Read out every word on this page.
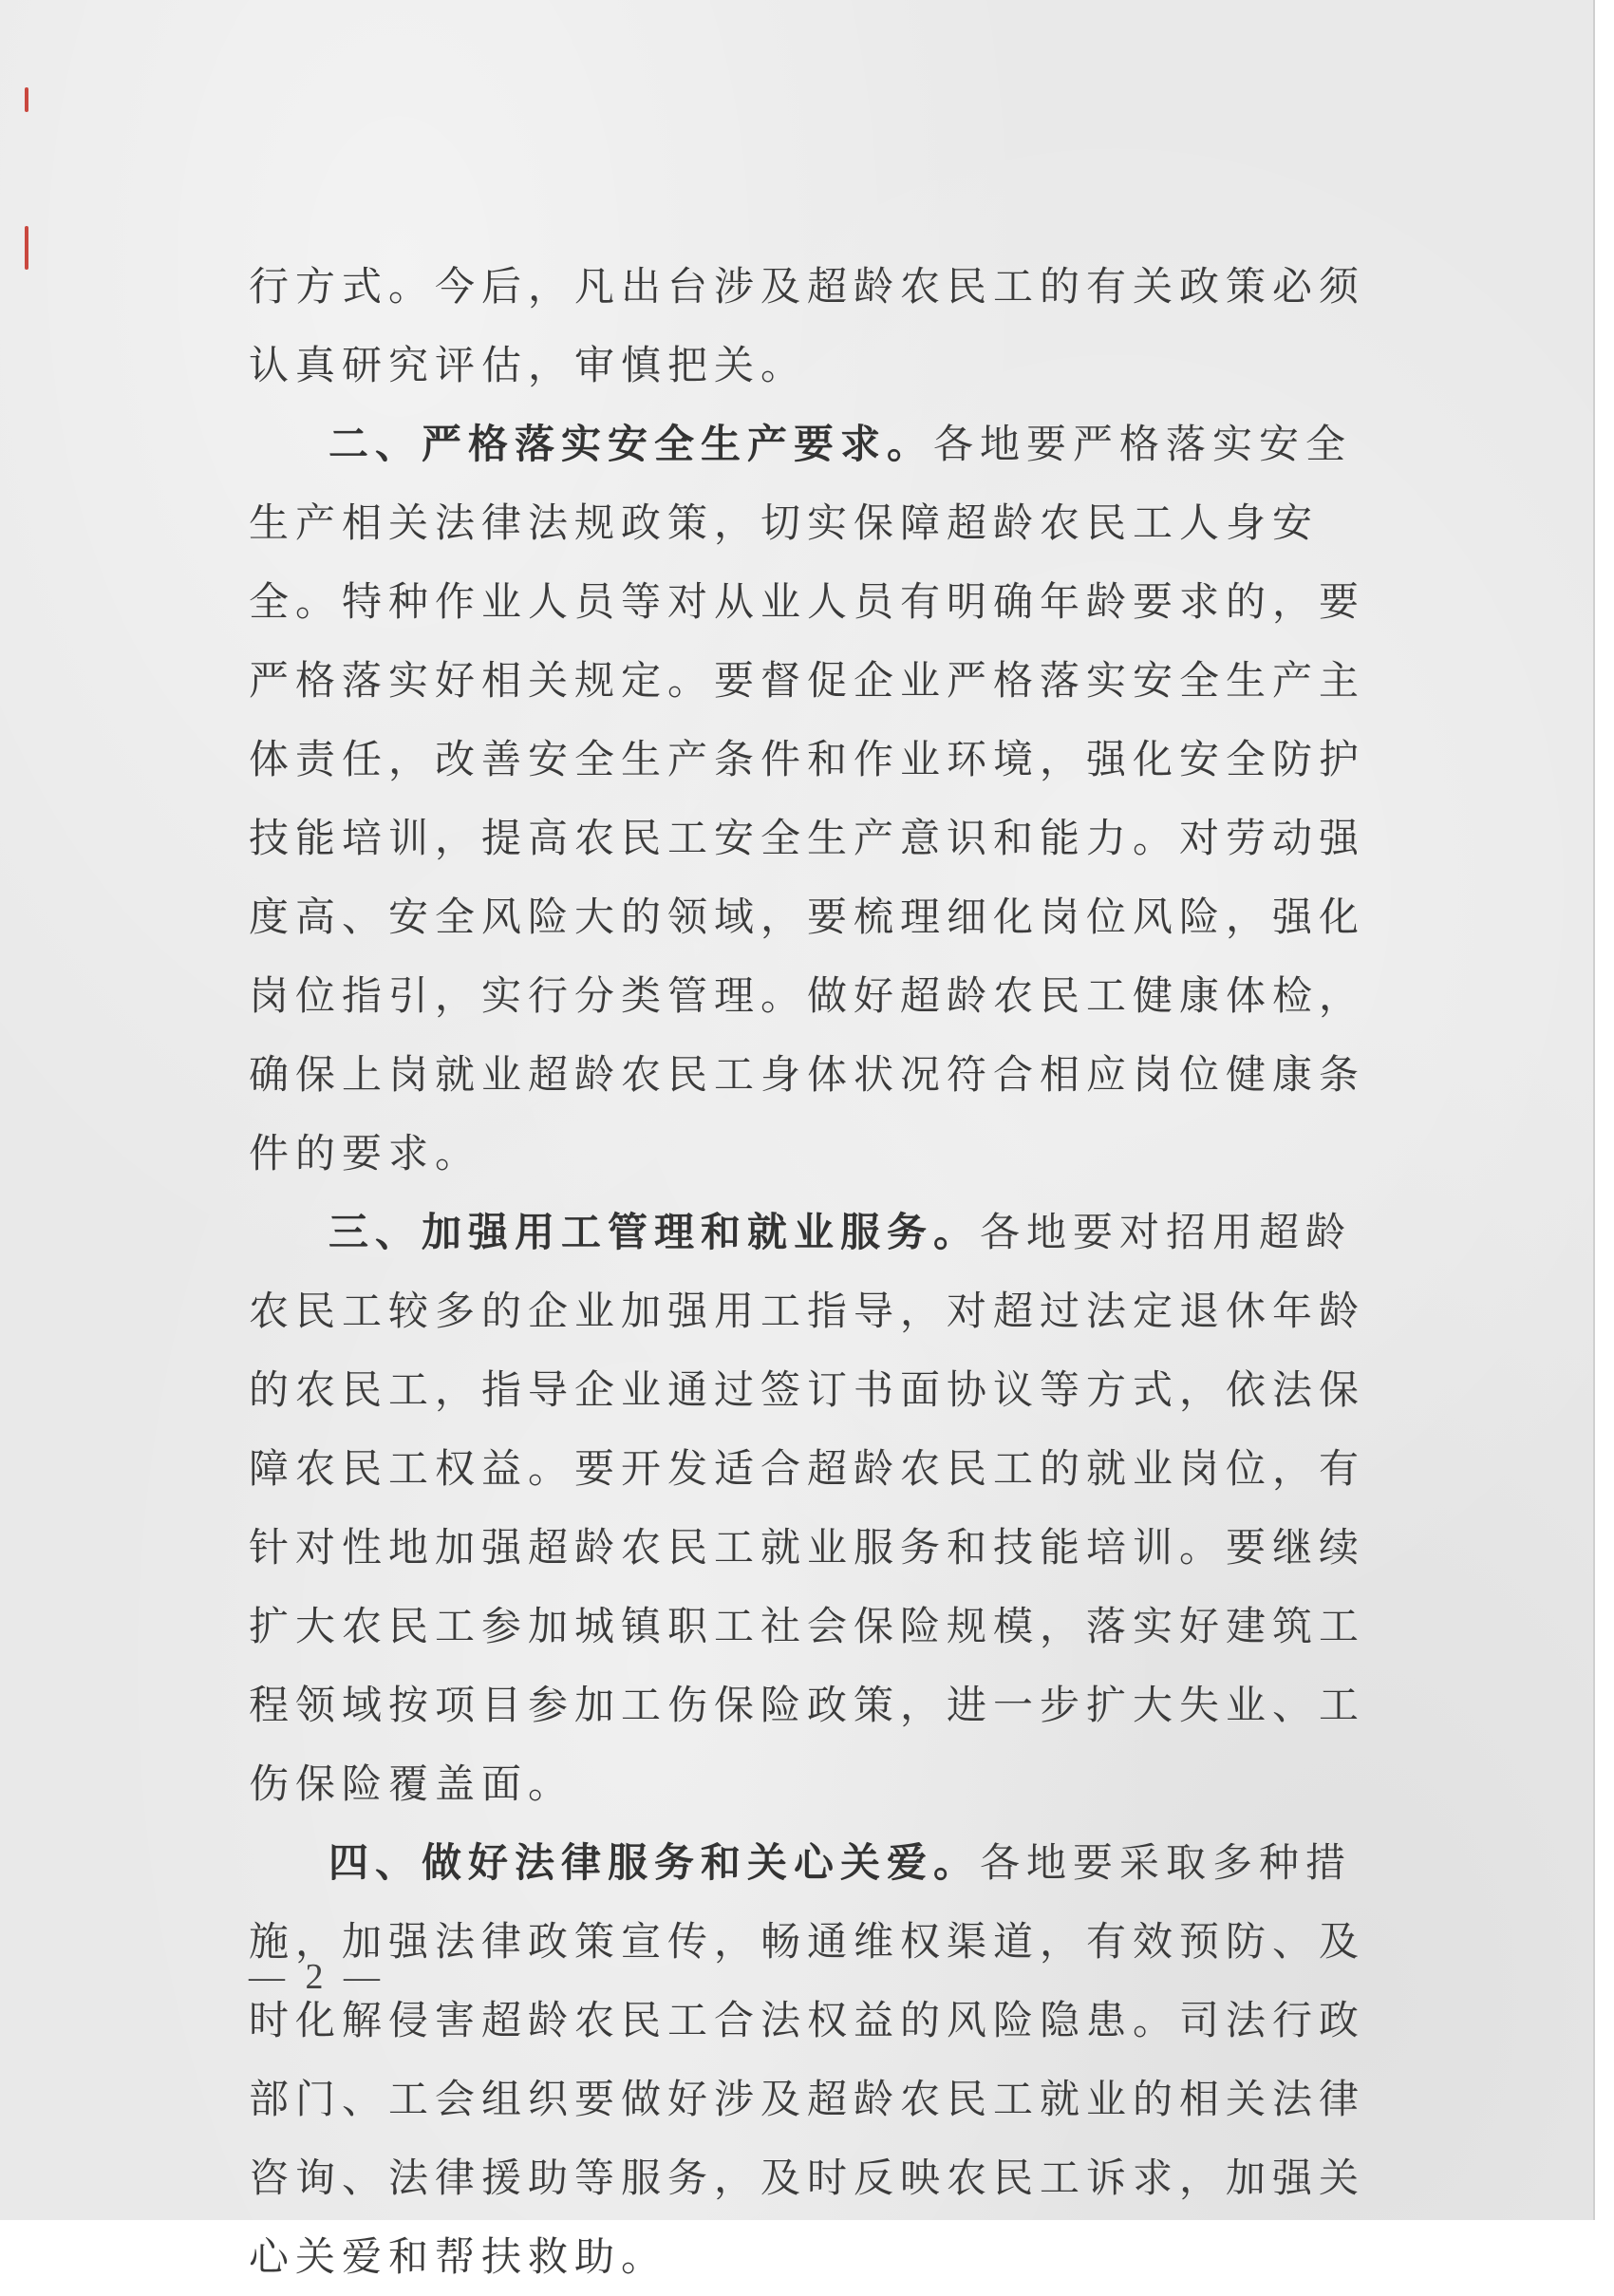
行方式。今后，凡出台涉及超龄农民工的有关政策必须认真研究评估，审慎把关。

二、严格落实安全生产要求。各地要严格落实安全生产相关法律法规政策，切实保障超龄农民工人身安全。特种作业人员等对从业人员有明确年龄要求的，要严格落实好相关规定。要督促企业严格落实安全生产主体责任，改善安全生产条件和作业环境，强化安全防护技能培训，提高农民工安全生产意识和能力。对劳动强度高、安全风险大的领域，要梳理细化岗位风险，强化岗位指引，实行分类管理。做好超龄农民工健康体检，确保上岗就业超龄农民工身体状况符合相应岗位健康条件的要求。

三、加强用工管理和就业服务。各地要对招用超龄农民工较多的企业加强用工指导，对超过法定退休年龄的农民工，指导企业通过签订书面协议等方式，依法保障农民工权益。要开发适合超龄农民工的就业岗位，有针对性地加强超龄农民工就业服务和技能培训。要继续扩大农民工参加城镇职工社会保险规模，落实好建筑工程领域按项目参加工伤保险政策，进一步扩大失业、工伤保险覆盖面。

四、做好法律服务和关心关爱。各地要采取多种措施，加强法律政策宣传，畅通维权渠道，有效预防、及时化解侵害超龄农民工合法权益的风险隐患。司法行政部门、工会组织要做好涉及超龄农民工就业的相关法律咨询、法律援助等服务，及时反映农民工诉求，加强关心关爱和帮扶救助。

— 2 —
